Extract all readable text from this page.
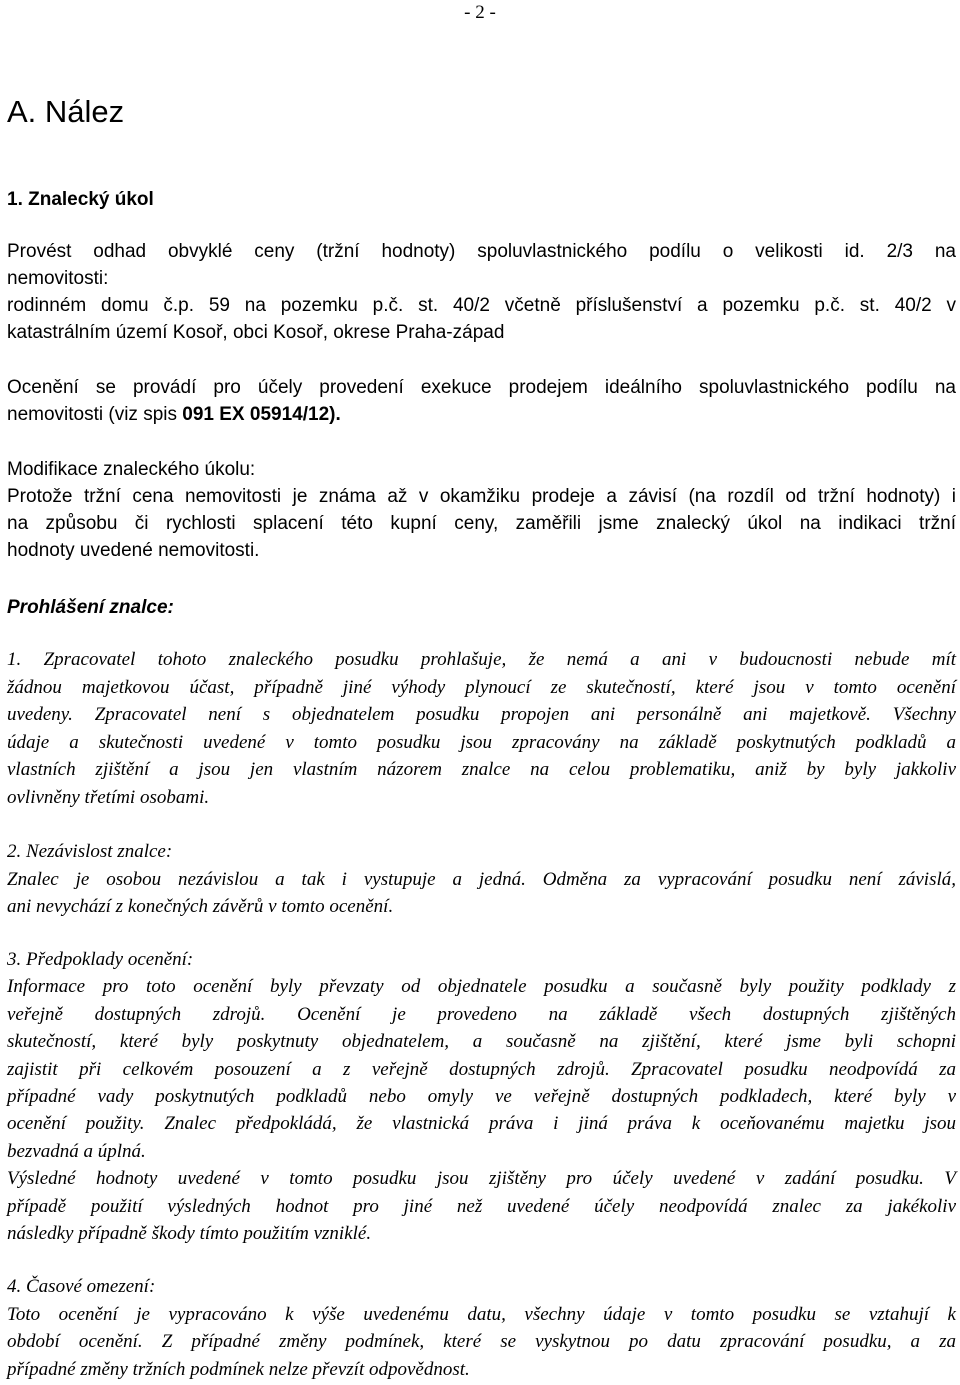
- 2 -
A. Nález
1. Znalecký úkol
Provést odhad obvyklé ceny (tržní hodnoty) spoluvlastnického podílu o velikosti id. 2/3 na
nemovitosti:
rodinném domu č.p. 59 na pozemku p.č. st. 40/2 včetně příslušenství a pozemku p.č. st. 40/2 v
katastrálním území Kosoř, obci Kosoř, okrese Praha-západ
Ocenění se provádí pro účely provedení exekuce prodejem ideálního spoluvlastnického podílu na
nemovitosti (viz spis 091 EX 05914/12).
Modifikace znaleckého úkolu:
Protože tržní cena nemovitosti je známa až v okamžiku prodeje a závisí (na rozdíl od tržní hodnoty) i
na způsobu či rychlosti splacení této kupní ceny, zaměřili jsme znalecký úkol na indikaci tržní
hodnoty uvedené nemovitosti.
Prohlášení znalce:
1. Zpracovatel tohoto znaleckého posudku prohlašuje, že nemá a ani v budoucnosti nebude mít
žádnou majetkovou účast, případně jiné výhody plynoucí ze skutečností, které jsou v tomto ocenění
uvedeny. Zpracovatel není s objednatelem posudku propojen ani personálně ani majetkově. Všechny
údaje a skutečnosti uvedené v tomto posudku jsou zpracovány na základě poskytnutých podkladů a
vlastních zjištění a jsou jen vlastním názorem znalce na celou problematiku, aniž by byly jakkoliv
ovlivněny třetími osobami.
2. Nezávislost znalce:
Znalec je osobou nezávislou a tak i vystupuje a jedná. Odměna za vypracování posudku není závislá,
ani nevychází z konečných závěrů v tomto ocenění.
3. Předpoklady ocenění:
Informace pro toto ocenění byly převzaty od objednatele posudku a současně byly použity podklady z
veřejně dostupných zdrojů. Ocenění je provedeno na základě všech dostupných zjištěných
skutečností, které byly poskytnuty objednatelem, a současně na zjištění, které jsme byli schopni
zajistit při celkovém posouzení a z veřejně dostupných zdrojů. Zpracovatel posudku neodpovídá za
případné vady poskytnutých podkladů nebo omyly ve veřejně dostupných podkladech, které byly v
ocenění použity. Znalec předpokládá, že vlastnická práva i jiná práva k oceňovanému majetku jsou
bezvadná a úplná.
Výsledné hodnoty uvedené v tomto posudku jsou zjištěny pro účely uvedené v zadání posudku. V
případě použití výsledných hodnot pro jiné než uvedené účely neodpovídá znalec za jakékoliv
následky případně škody tímto použitím vzniklé.
4. Časové omezení:
Toto ocenění je vypracováno k výše uvedenému datu, všechny údaje v tomto posudku se vztahují k
období ocenění. Z případné změny podmínek, které se vyskytnou po datu zpracování posudku, a za
případné změny tržních podmínek nelze převzít odpovědnost.
